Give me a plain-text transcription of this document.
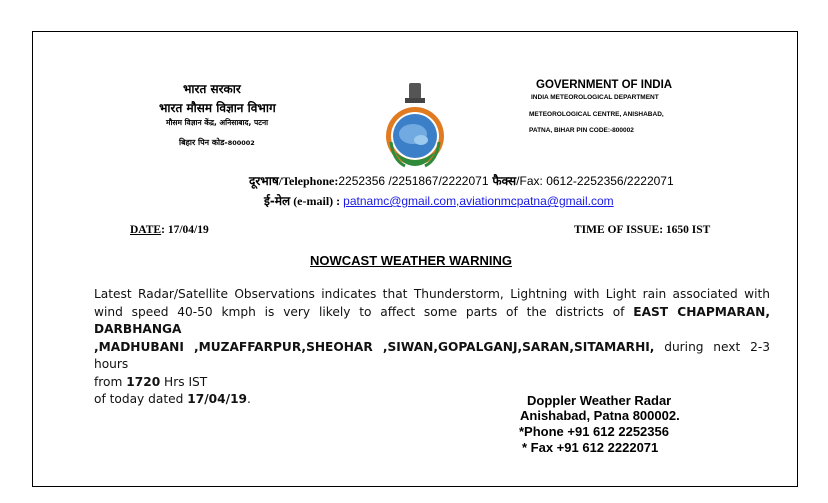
भारत सरकार
भारत मौसम विज्ञान विभाग
मौसम विज्ञान केंद्र, अनिसाबाद, पटना
बिहार पिन कोड-800002
GOVERNMENT OF INDIA
INDIA METEOROLOGICAL DEPARTMENT
METEOROLOGICAL CENTRE, ANISHABAD,
PATNA, BIHAR PIN CODE:-800002
दूरभाष/Telephone:2252356 /2251867/2222071 फैक्स/Fax: 0612-2252356/2222071
ई-मेल (e-mail) : patnamc@gmail.com,aviationmcpatna@gmail.com
DATE: 17/04/19	TIME OF ISSUE: 1650 IST
NOWCAST WEATHER WARNING
Latest Radar/Satellite Observations indicates that Thunderstorm, Lightning with Light rain associated with
wind speed 40-50 kmph is very likely to affect some parts of the districts of EAST CHAPMARAN, DARBHANGA
,MADHUBANI ,MUZAFFARPUR,SHEOHAR ,SIWAN,GOPALGANJ,SARAN,SITAMARHI, during next 2-3 hours
from 1720 Hrs IST
of today dated 17/04/19.	Doppler Weather Radar
Anishabad, Patna 800002.
*Phone +91 612 2252356
* Fax +91 612 2222071
